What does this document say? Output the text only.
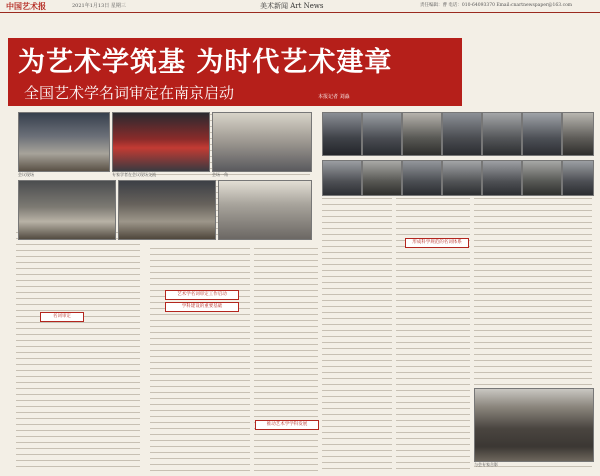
中国艺术报	2021年1月13日 星期三	美术新闻 Art News	责任编辑：曹 电话：010-64093370 Email:cnartnewspaper@163.com
为艺术学筑基 为时代艺术建章
全国艺术学名词审定在南京启动	本报记者 刘淼
会议现场	专家学者在会议现场交流	会场一角
与会专家合影
名词审定
艺术学名词审定工作启动
学科建设的重要基础
推动艺术学学科发展
形成科学规范的名词体系
